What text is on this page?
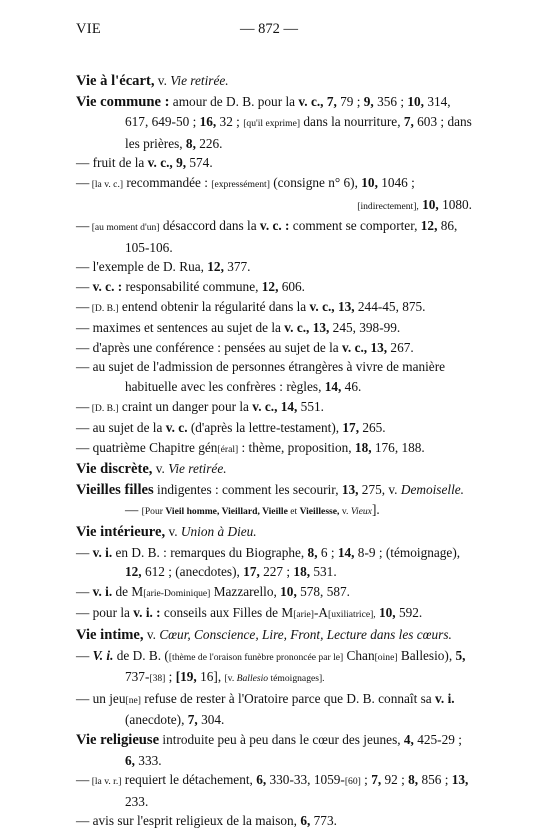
VIE	— 872 —
Vie à l'écart, v. Vie retirée.
Vie commune : amour de D. B. pour la v. c., 7, 79 ; 9, 356 ; 10, 314, 617, 649-50 ; 16, 32 ; [qu'il exprime] dans la nourriture, 7, 603 ; dans les prières, 8, 226.
— fruit de la v. c., 9, 574.
— [la v. c.] recommandée : [expressément] (consigne n° 6), 10, 1046 ;
[indirectement], 10, 1080.
— [au moment d'un] désaccord dans la v. c. : comment se comporter, 12, 86, 105-106.
— l'exemple de D. Rua, 12, 377.
— v. c. : responsabilité commune, 12, 606.
— [D. B.] entend obtenir la régularité dans la v. c., 13, 244-45, 875.
— maximes et sentences au sujet de la v. c., 13, 245, 398-99.
— d'après une conférence : pensées au sujet de la v. c., 13, 267.
— au sujet de l'admission de personnes étrangères à vivre de manière habituelle avec les confrères : règles, 14, 46.
— [D. B.] craint un danger pour la v. c., 14, 551.
— au sujet de la v. c. (d'après la lettre-testament), 17, 265.
— quatrième Chapitre gén[éral] : thème, proposition, 18, 176, 188.
Vie discrète, v. Vie retirée.
Vieilles filles indigentes : comment les secourir, 13, 275, v. Demoiselle. — [Pour Vieil homme, Vieillard, Vieille et Vieillesse, v. Vieux].
Vie intérieure, v. Union à Dieu.
— v. i. en D. B. : remarques du Biographe, 8, 6 ; 14, 8-9 ; (témoignage), 12, 612 ; (anecdotes), 17, 227 ; 18, 531.
— v. i. de M[arie-Dominique] Mazzarello, 10, 578, 587.
— pour la v. i. : conseils aux Filles de M[arie]-A[uxiliatrice], 10, 592.
Vie intime, v. Cœur, Conscience, Lire, Front, Lecture dans les cœurs.
— V. i. de D. B. ([thème de l'oraison funèbre prononcée par le] Chan[oine] Ballesio), 5, 737-[38] ; [19, 16], [v. Ballesio témoignages].
— un jeu[ne] refuse de rester à l'Oratoire parce que D. B. connaît sa v. i. (anecdote), 7, 304.
Vie religieuse introduite peu à peu dans le cœur des jeunes, 4, 425-29 ; 6, 333.
— [la v. r.] requiert le détachement, 6, 330-33, 1059-[60] ; 7, 92 ; 8, 856 ; 13, 233.
— avis sur l'esprit religieux de la maison, 6, 773.
